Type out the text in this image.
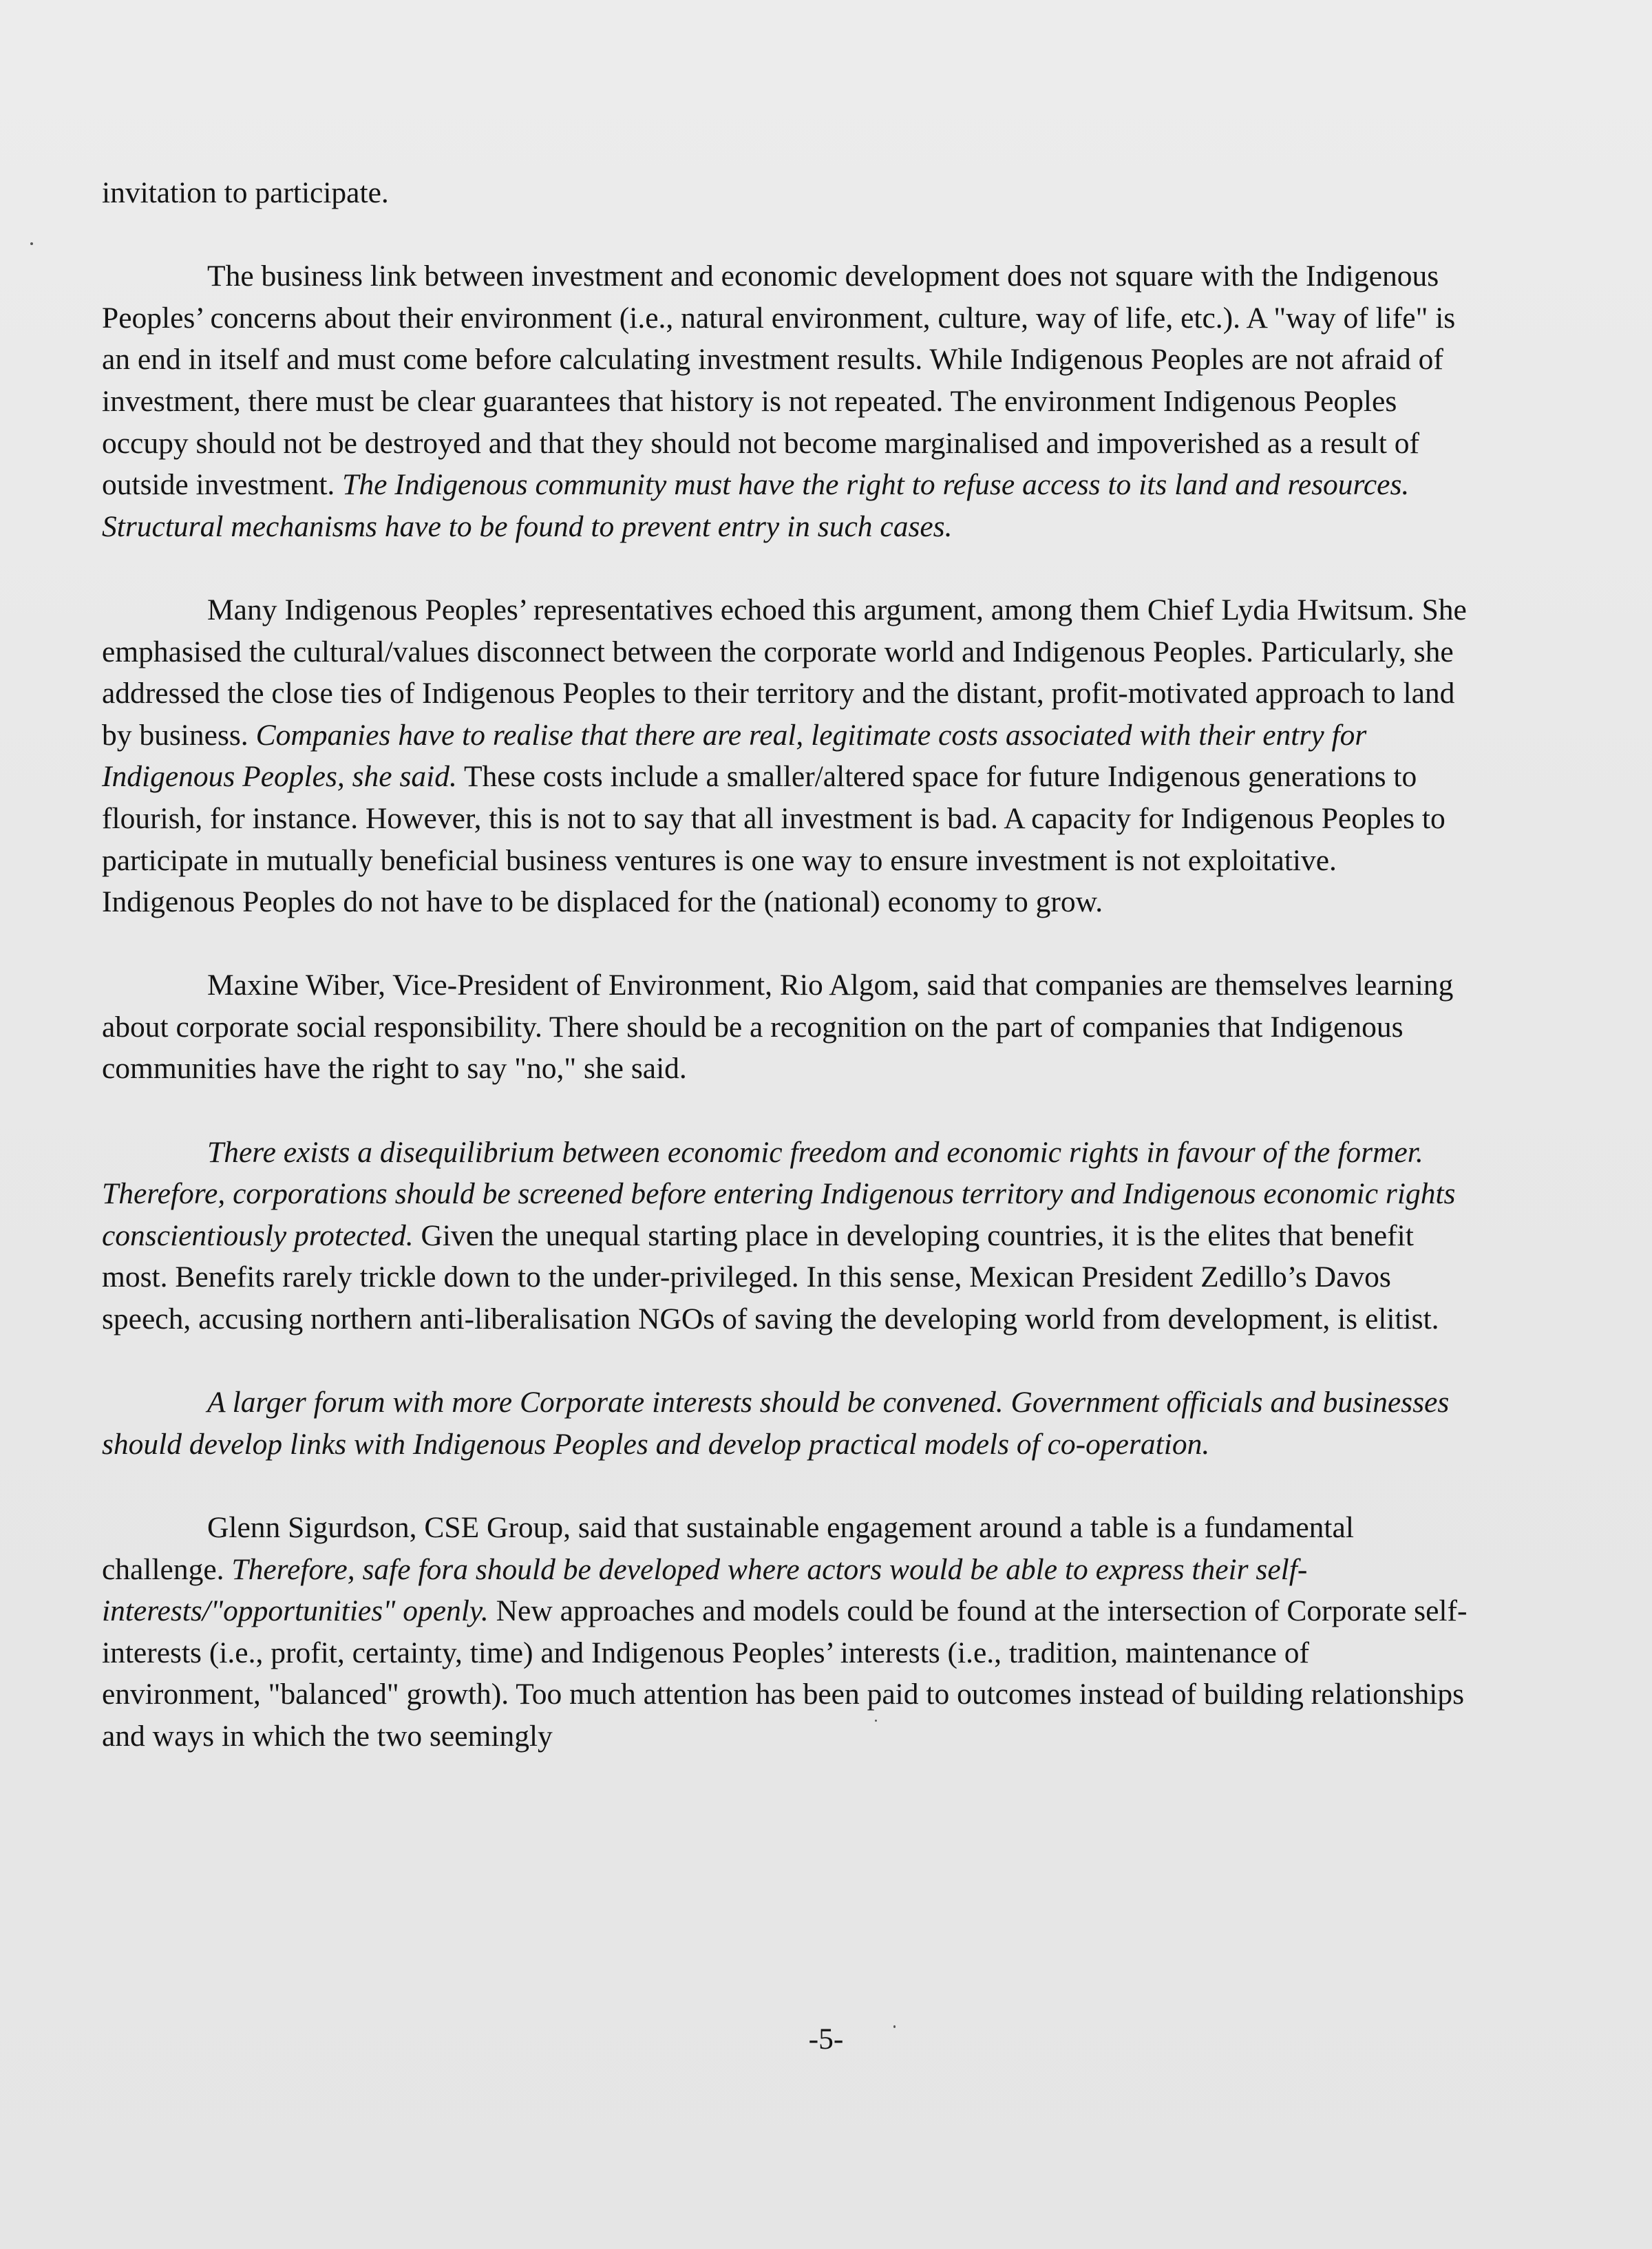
invitation to participate.

The business link between investment and economic development does not square with the Indigenous Peoples’ concerns about their environment (i.e., natural environment, culture, way of life, etc.). A "way of life" is an end in itself and must come before calculating investment results. While Indigenous Peoples are not afraid of investment, there must be clear guarantees that history is not repeated. The environment Indigenous Peoples occupy should not be destroyed and that they should not become marginalised and impoverished as a result of outside investment. The Indigenous community must have the right to refuse access to its land and resources. Structural mechanisms have to be found to prevent entry in such cases.

Many Indigenous Peoples’ representatives echoed this argument, among them Chief Lydia Hwitsum. She emphasised the cultural/values disconnect between the corporate world and Indigenous Peoples. Particularly, she addressed the close ties of Indigenous Peoples to their territory and the distant, profit-motivated approach to land by business. Companies have to realise that there are real, legitimate costs associated with their entry for Indigenous Peoples, she said. These costs include a smaller/altered space for future Indigenous generations to flourish, for instance. However, this is not to say that all investment is bad. A capacity for Indigenous Peoples to participate in mutually beneficial business ventures is one way to ensure investment is not exploitative. Indigenous Peoples do not have to be displaced for the (national) economy to grow.

Maxine Wiber, Vice-President of Environment, Rio Algom, said that companies are themselves learning about corporate social responsibility. There should be a recognition on the part of companies that Indigenous communities have the right to say "no," she said.

There exists a disequilibrium between economic freedom and economic rights in favour of the former. Therefore, corporations should be screened before entering Indigenous territory and Indigenous economic rights conscientiously protected. Given the unequal starting place in developing countries, it is the elites that benefit most. Benefits rarely trickle down to the under-privileged. In this sense, Mexican President Zedillo’s Davos speech, accusing northern anti-liberalisation NGOs of saving the developing world from development, is elitist.

A larger forum with more Corporate interests should be convened. Government officials and businesses should develop links with Indigenous Peoples and develop practical models of co-operation.

Glenn Sigurdson, CSE Group, said that sustainable engagement around a table is a fundamental challenge. Therefore, safe fora should be developed where actors would be able to express their self-interests/"opportunities" openly. New approaches and models could be found at the intersection of Corporate self-interests (i.e., profit, certainty, time) and Indigenous Peoples’ interests (i.e., tradition, maintenance of environment, "balanced" growth). Too much attention has been paid to outcomes instead of building relationships and ways in which the two seemingly

-5-
